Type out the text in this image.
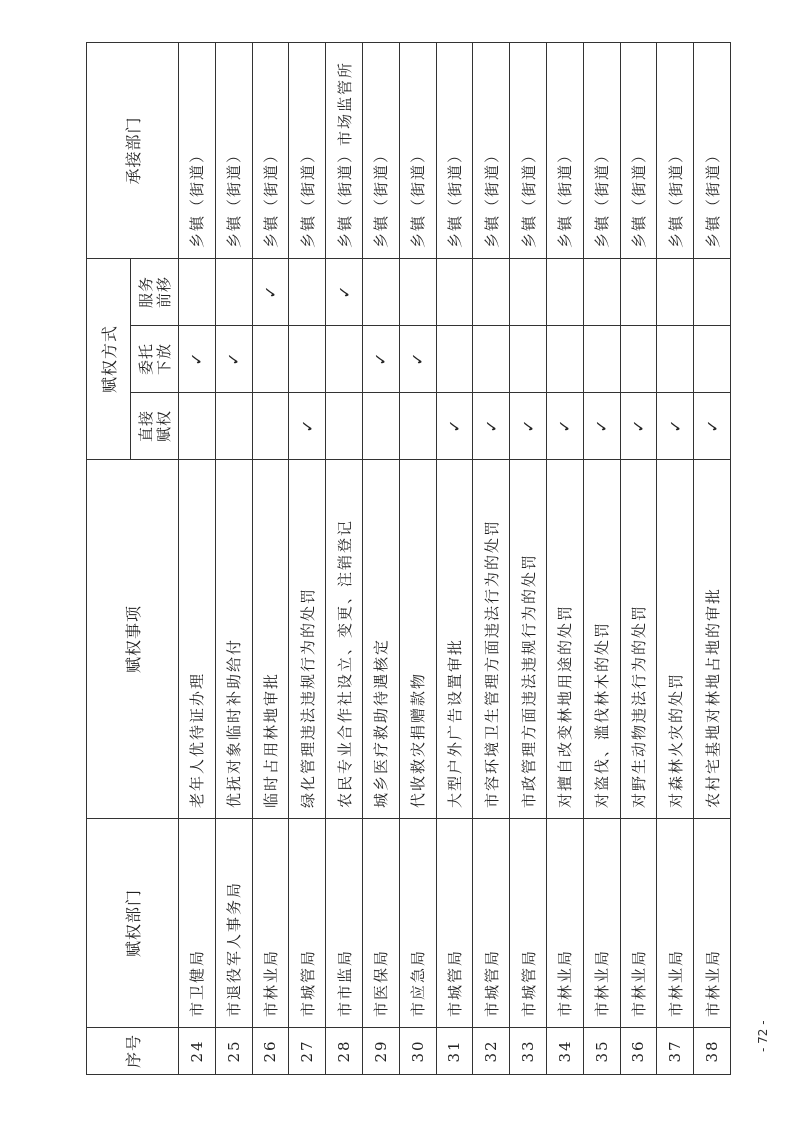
序号	赋权部门	赋权事项	赋权方式			承接部门

			直接 赋权	委托 下放	服务 前移	

24	市卫健局	老年人优待证办理		✓		乡镇（街道）
25	市退役军人事务局	优抚对象临时补助给付		✓		乡镇（街道）
26	市林业局	临时占用林地审批			✓	乡镇（街道）
27	市城管局	绿化管理违法违规行为的处罚	✓			乡镇（街道）
28	市市监局	农民专业合作社设立、变更、注销登记			✓	乡镇（街道）市场监管所
29	市医保局	城乡医疗救助待遇核定		✓		乡镇（街道）
30	市应急局	代收救灾捐赠款物		✓		乡镇（街道）
31	市城管局	大型户外广告设置审批	✓			乡镇（街道）
32	市城管局	市容环境卫生管理方面违法行为的处罚	✓			乡镇（街道）
33	市城管局	市政管理方面违法违规行为的处罚	✓			乡镇（街道）
34	市林业局	对擅自改变林地用途的处罚	✓			乡镇（街道）
35	市林业局	对盗伐、滥伐林木的处罚	✓			乡镇（街道）
36	市林业局	对野生动物违法行为的处罚	✓			乡镇（街道）
37	市林业局	对森林火灾的处罚	✓			乡镇（街道）
38	市林业局	农村宅基地对林地占地的审批	✓			乡镇（街道）
- 72 -
